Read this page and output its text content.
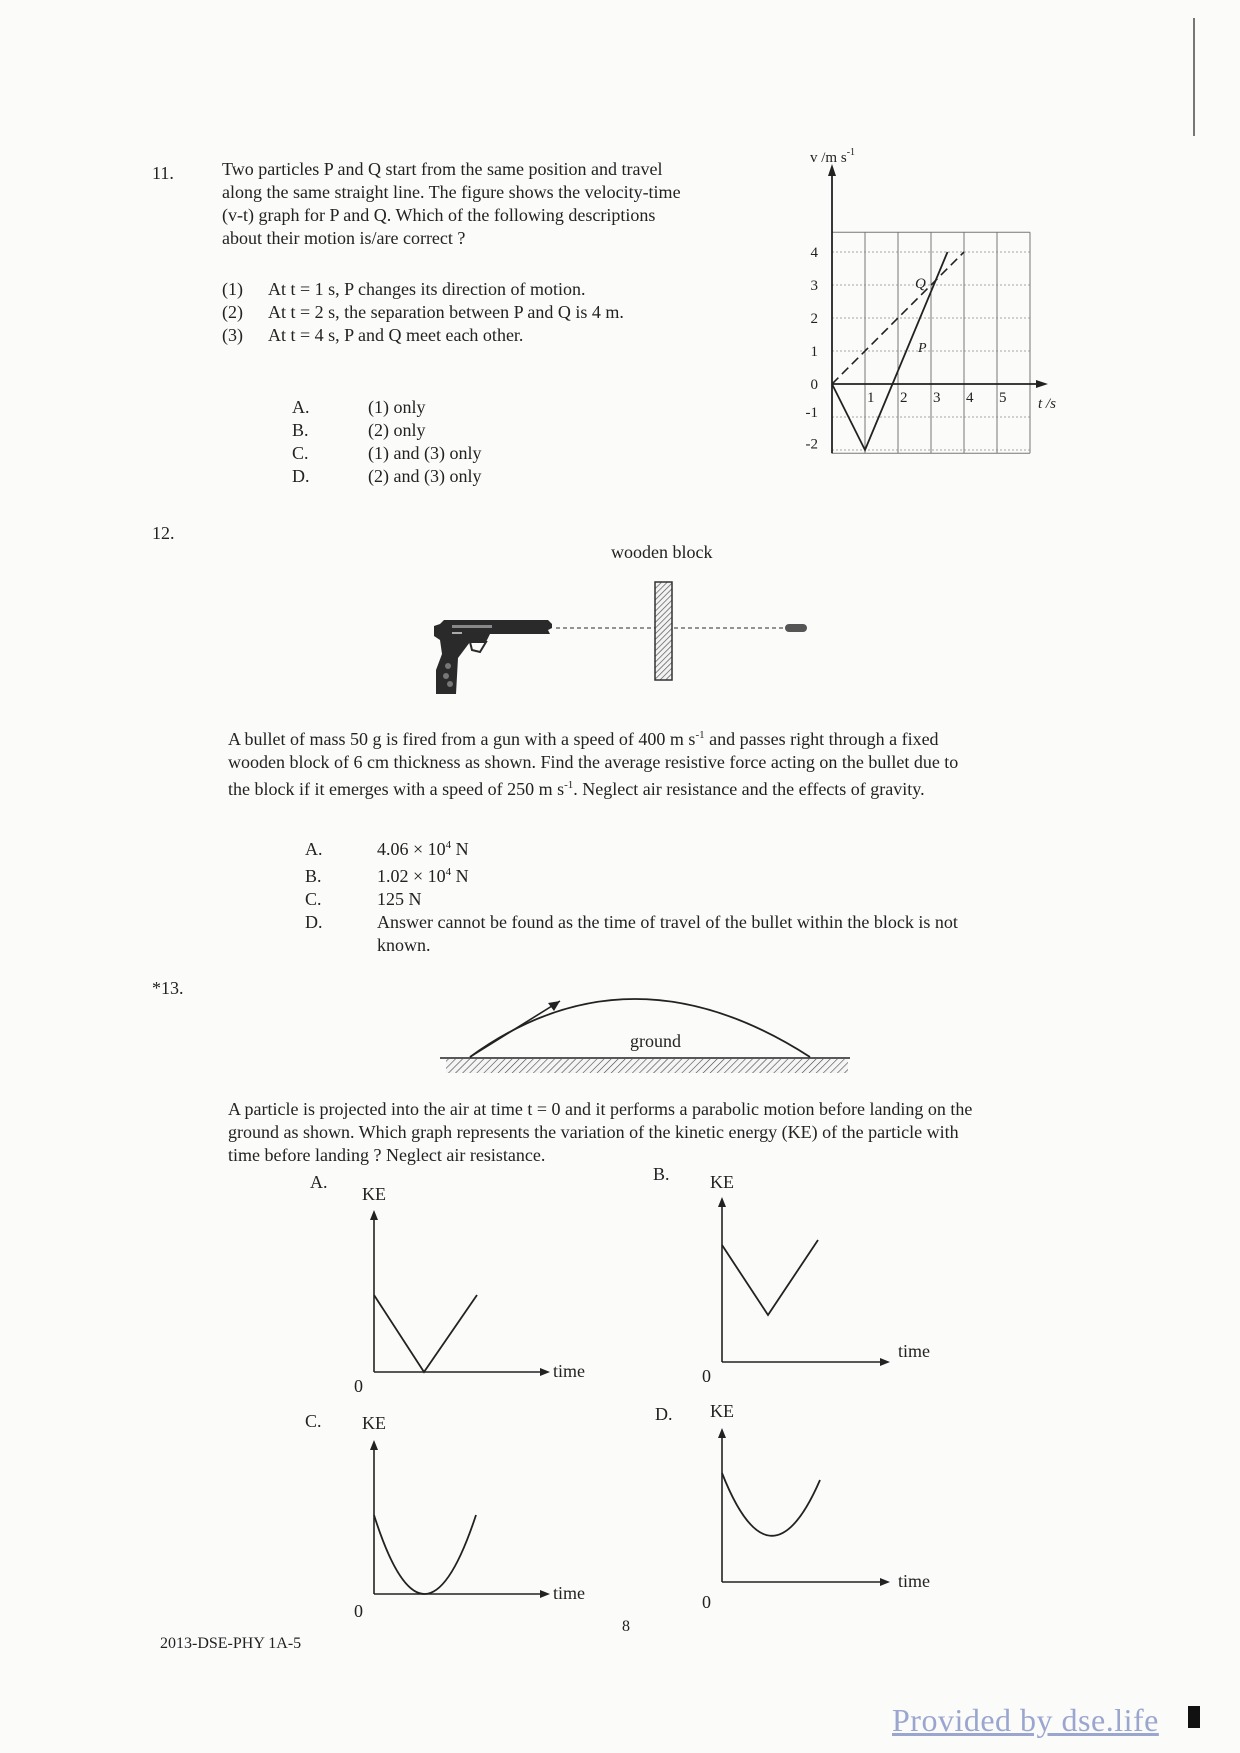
11.	Two particles P and Q start from the same position and travel
along the same straight line. The figure shows the velocity-time
(v-t) graph for P and Q. Which of the following descriptions
about their motion is/are correct ?
(1) At t = 1 s, P changes its direction of motion.
(2) At t = 2 s, the separation between P and Q is 4 m.
(3) At t = 4 s, P and Q meet each other.
A.	(1) only
B.	(2) only
C.	(1) and (3) only
D.	(2) and (3) only
4
3
2
1
0
-1
-2
1 2 3 4 5
v /m $s^{-1}$
t /s
Q
P
12.
wooden block
A bullet of mass 50 g is fired from a gun with a speed of 400 m $s^{-1}$ and passes right through a fixed
wooden block of 6 cm thickness as shown. Find the average resistive force acting on the bullet due to
the block if it emerges with a speed of 250 m $s^{-1}$. Neglect air resistance and the effects of gravity.
A.	$4.06 \times 10^4$ N
B.	$1.02 \times 10^4$ N
C.	125 N
D.	Answer cannot be found as the time of travel of the bullet within the block is not
known.
*13.
ground
A particle is projected into the air at time t = 0 and it performs a parabolic motion before landing on the
ground as shown. Which graph represents the variation of the kinetic energy (KE) of the particle with
time before landing ? Neglect air resistance.
A.
KE
time
0
B. KE
time
0
C. KE
time
0
D. KE
time
0
2013-DSE-PHY 1A-5
8
Provided by dse.life
